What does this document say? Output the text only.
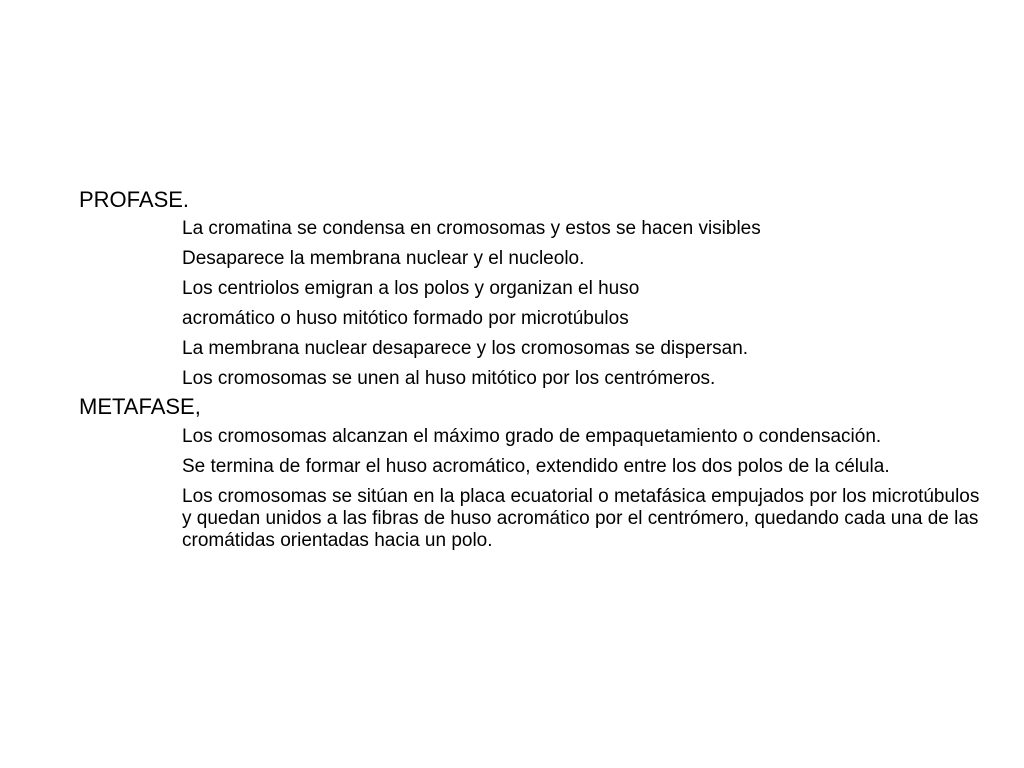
PROFASE.
La cromatina se condensa en cromosomas y estos se hacen visibles
Desaparece la membrana nuclear y el nucleolo.
Los centriolos emigran a los polos y organizan el huso
acromático o huso mitótico formado por microtúbulos
La membrana nuclear desaparece y los cromosomas se dispersan.
Los cromosomas se unen al huso mitótico por los centrómeros.
METAFASE,
Los cromosomas alcanzan el máximo grado de empaquetamiento o condensación.
Se termina de formar el huso acromático, extendido entre los dos polos de la célula.
Los cromosomas se sitúan en la placa ecuatorial o metafásica empujados por los microtúbulos y quedan unidos a las fibras de huso acromático por el centrómero, quedando cada una de las cromátidas orientadas hacia un polo.
